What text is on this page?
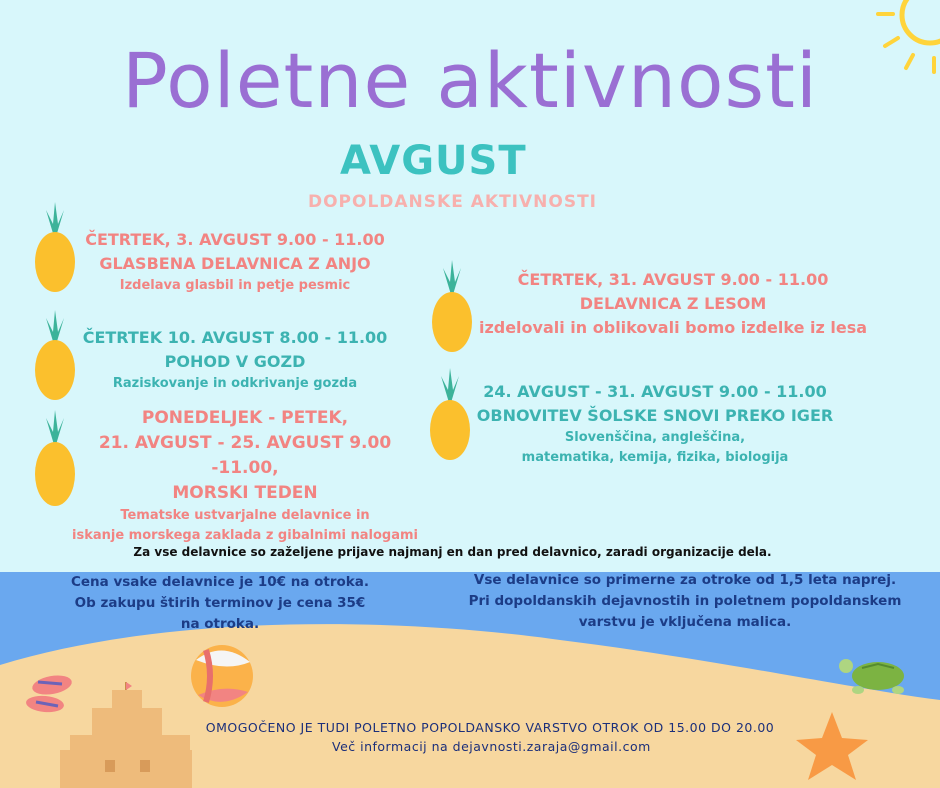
Poletne aktivnosti
AVGUST
DOPOLDANSKE AKTIVNOSTI
ČETRTEK, 3. AVGUST 9.00 - 11.00
GLASBENA DELAVNICA Z ANJO
Izdelava glasbil in petje pesmic
ČETRTEK 10. AVGUST 8.00 - 11.00
POHOD V GOZD
Raziskovanje in odkrivanje gozda
PONEDELJEK - PETEK,
21. AVGUST - 25. AVGUST 9.00 -11.00,
MORSKI TEDEN
Tematske ustvarjalne delavnice in
iskanje morskega zaklada z gibalnimi nalogami
ČETRTEK, 31. AVGUST 9.00 - 11.00
DELAVNICA Z LESOM
izdelovali in oblikovali bomo izdelke iz lesa
24. AVGUST - 31. AVGUST 9.00 - 11.00
OBNOVITEV ŠOLSKE SNOVI PREKO IGER
Slovenščina, angleščina,
matematika, kemija, fizika, biologija
Za vse delavnice so zaželjene prijave najmanj en dan pred delavnico, zaradi organizacije dela.
Cena vsake delavnice je 10€ na otroka.
Ob zakupu štirih terminov je cena 35€
na otroka.
Vse delavnice so primerne za otroke od 1,5 leta naprej.
Pri dopoldanskih dejavnostih in poletnem popoldanskem
varstvu je vključena malica.
OMOGOČENO JE TUDI POLETNO POPOLDANSKO VARSTVO OTROK OD 15.00 DO 20.00
Več informacij na dejavnosti.zaraja@gmail.com
